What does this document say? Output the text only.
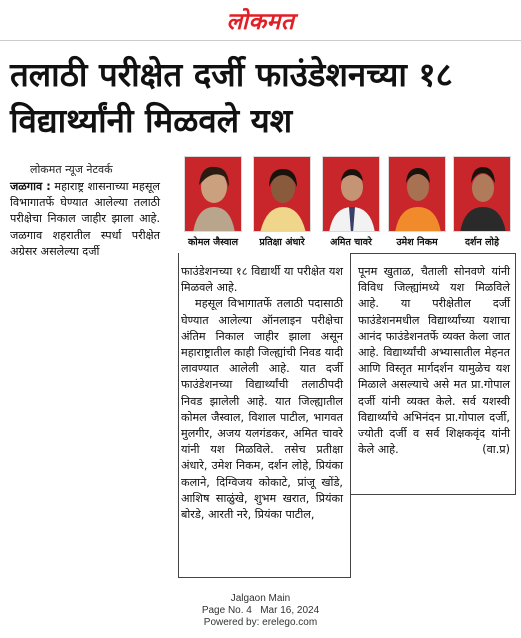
लोकमत
तलाठी परीक्षेत दर्जी फाउंडेशनच्या १८ विद्यार्थ्यांनी मिळवले यश
लोकमत न्यूज नेटवर्क

जळगाव : महाराष्ट्र शासनाच्या महसूल विभागातर्फे घेण्यात आलेल्या तलाठी परीक्षेचा निकाल जाहीर झाला आहे. जळगाव शहरातील स्पर्धा परीक्षेत अग्रेसर असलेल्या दर्जी

कोमल जैस्वाल	प्रतिक्षा अंधारे	अमित चावरे	उमेश निकम	दर्शन लोहे

फाउंडेशनच्या १८ विद्यार्थी या परीक्षेत यश मिळवले आहे.

महसूल विभागातर्फे तलाठी पदासाठी घेण्यात आलेल्या ऑनलाइन परीक्षेचा अंतिम निकाल जाहीर झाला असून महाराष्ट्रातील काही जिल्ह्यांची निवड यादी लावण्यात आलेली आहे. यात दर्जी फाउंडेशनच्या विद्यार्थ्यांची तलाठीपदी निवड झालेली आहे. यात जिल्ह्यातील कोमल जैस्वाल, विशाल पाटील, भागवत मुलगीर, अजय यलगंडकर, अमित चावरे यांनी यश मिळविले. तसेच प्रतीक्षा अंधारे, उमेश निकम, दर्शन लोहे, प्रियंका कलाने, दिग्विजय कोकाटे, प्रांजू खोंडे, आशिष साळुंखे, शुभम खरात, प्रियंका बोरडे, आरती नरे, प्रियंका पाटील,

पूनम खुताळ, चैताली सोनवणे यांनी विविध जिल्ह्यांमध्ये यश मिळविले आहे. या परीक्षेतील दर्जी फाउंडेशनमधील विद्यार्थ्यांच्या यशाचा आनंद फाउंडेशनतर्फे व्यक्त केला जात आहे. विद्यार्थ्यांची अभ्यासातील मेहनत आणि विस्तृत मार्गदर्शन यामुळेच यश मिळाले असल्याचे असे मत प्रा.गोपाल दर्जी यांनी व्यक्त केले. सर्व यशस्वी विद्यार्थ्यांचे अभिनंदन प्रा.गोपाल दर्जी, ज्योती दर्जी व सर्व शिक्षकवृंद यांनी केले आहे.	(वा.प्र)

Jalgaon Main
Page No. 4 Mar 16, 2024
Powered by: erelego.com
